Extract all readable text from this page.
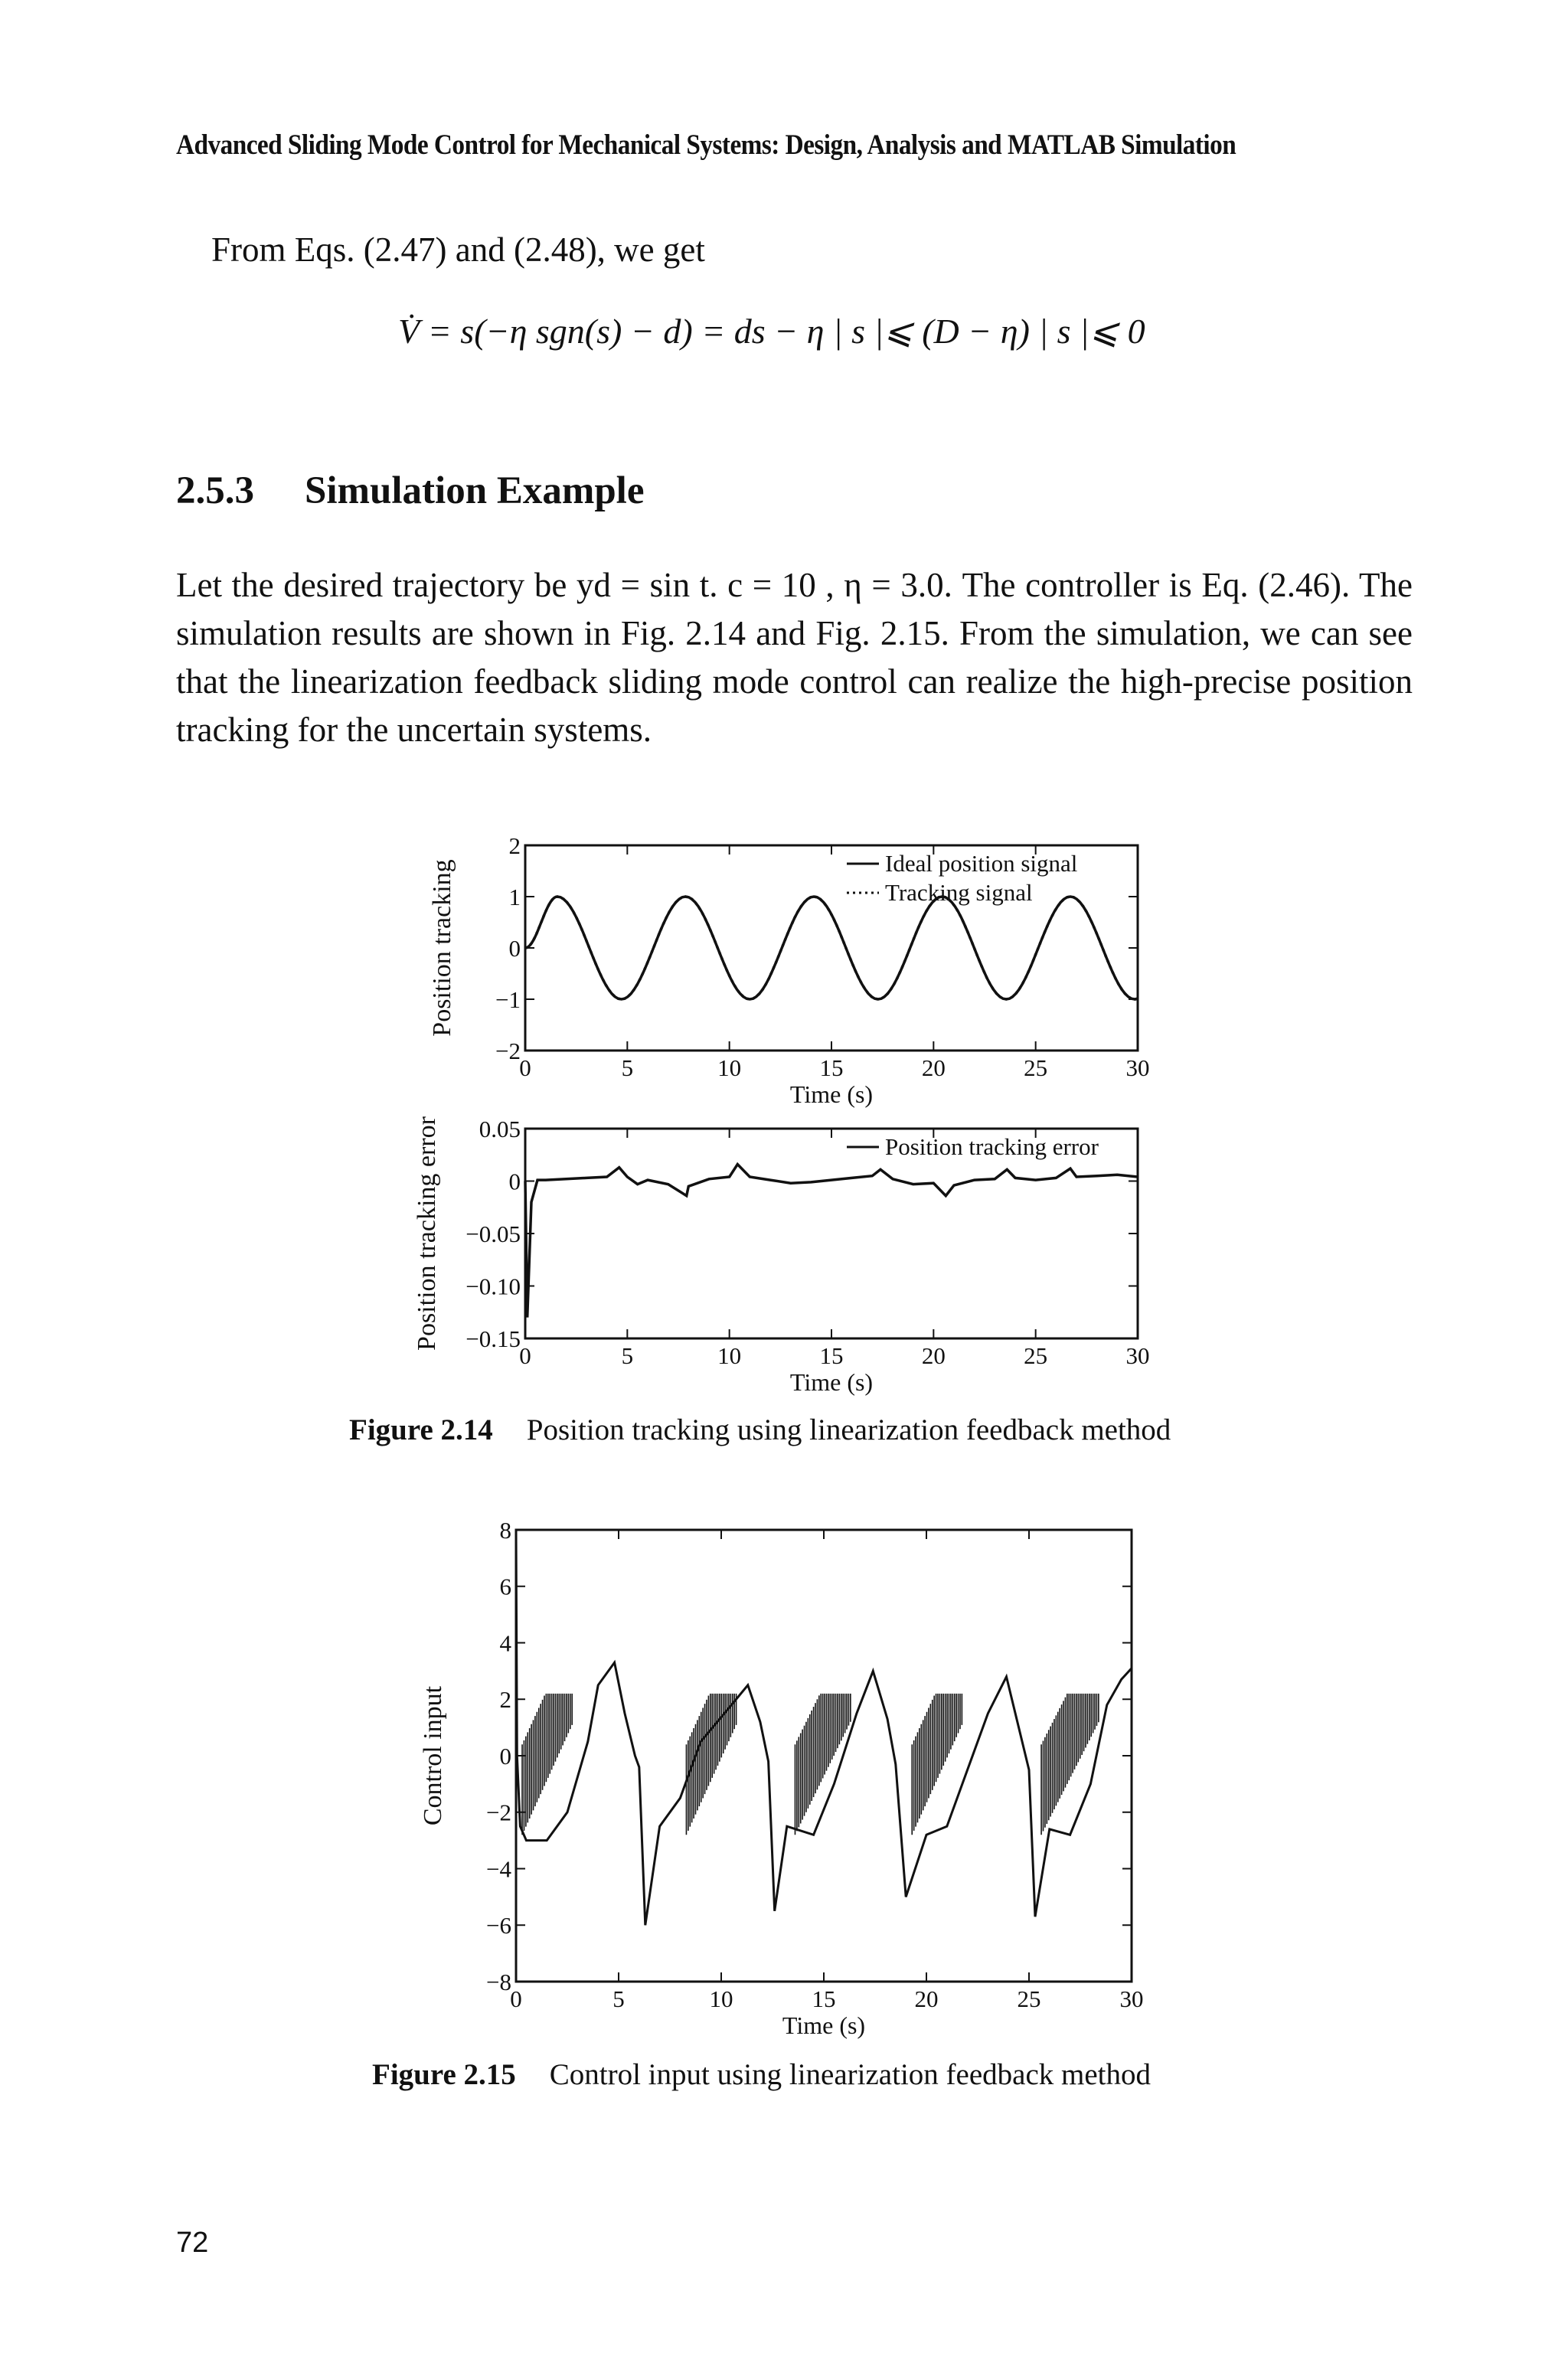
Advanced Sliding Mode Control for Mechanical Systems: Design, Analysis and MATLAB Simulation
From Eqs. (2.47) and (2.48), we get
V̇ = s(−η sgn(s) − d) = ds − η | s |⩽ (D − η) | s |⩽ 0
2.5.3 Simulation Example
Let the desired trajectory be yd = sin t. c = 10 , η = 3.0. The controller is Eq. (2.46). The simulation results are shown in Fig. 2.14 and Fig. 2.15. From the simulation, we can see that the linearization feedback sliding mode control can realize the high-precise position tracking for the uncertain systems.
0	5	10	15	20	25	30
2
1
0
−1
−2
Time (s)
Position tracking	Ideal position signal
Tracking signal
0	5	10	15	20	25	30
0.05
0
−0.05
−0.10
−0.15
Time (s)
Position tracking error	Position tracking error
0	5	10	15	20	25	30
8
6
4
2
0
−2
−4
−6
−8
Time (s)
Control input
Figure 2.14 Position tracking using linearization feedback method
Figure 2.15 Control input using linearization feedback method
72
